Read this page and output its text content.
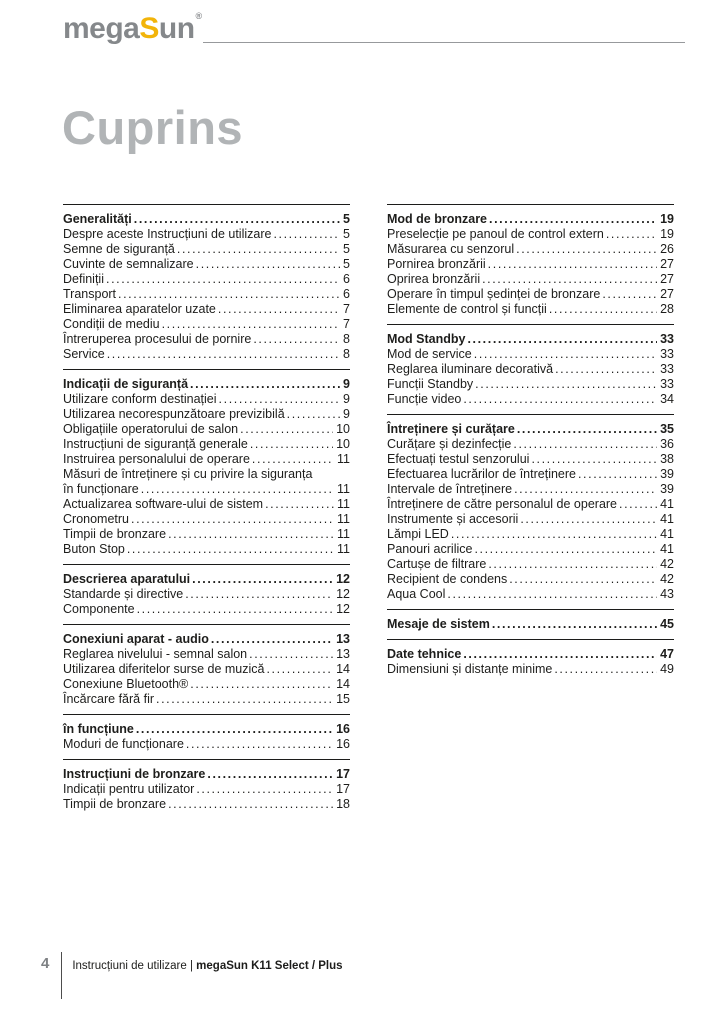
megaSun®
Cuprins
Generalități .....	5
Despre aceste Instrucțiuni de utilizare .....	5
Semne de siguranță .....	5
Cuvinte de semnalizare .....	5
Definiții .....	6
Transport .....	6
Eliminarea aparatelor uzate .....	7
Condiții de mediu .....	7
Întreruperea procesului de pornire .....	8
Service .....	8
Indicații de siguranță .....	9
Utilizare conform destinației .....	9
Utilizarea necorespunzătoare previzibilă .....	9
Obligațiile operatorului de salon .....	10
Instrucțiuni de siguranță generale .....	10
Instruirea personalului de operare .....	11
Măsuri de întreținere și cu privire la siguranța
în funcționare .....	11
Actualizarea software-ului de sistem .....	11
Cronometru .....	11
Timpii de bronzare .....	11
Buton Stop .....	11
Descrierea aparatului .....	12
Standarde și directive .....	12
Componente .....	12
Conexiuni aparat - audio .....	13
Reglarea nivelului - semnal salon .....	13
Utilizarea diferitelor surse de muzică .....	14
Conexiune Bluetooth® .....	14
Încărcare fără fir .....	15
în funcțiune .....	16
Moduri de funcționare .....	16
Instrucțiuni de bronzare .....	17
Indicații pentru utilizator .....	17
Timpii de bronzare .....	18
Mod de bronzare .....	19
Preselecție pe panoul de control extern .....	19
Măsurarea cu senzorul .....	26
Pornirea bronzării .....	27
Oprirea bronzării .....	27
Operare în timpul ședinței de bronzare .....	27
Elemente de control și funcții .....	28
Mod Standby .....	33
Mod de service .....	33
Reglarea iluminare decorativă .....	33
Funcții Standby .....	33
Funcție video .....	34
Întreținere și curățare .....	35
Curățare și dezinfecție .....	36
Efectuați testul senzorului .....	38
Efectuarea lucrărilor de întreținere .....	39
Intervale de întreținere .....	39
Întreținere de către personalul de operare .....	41
Instrumente și accesorii .....	41
Lămpi LED .....	41
Panouri acrilice .....	41
Cartușe de filtrare .....	42
Recipient de condens .....	42
Aqua Cool .....	43
Mesaje de sistem .....	45
Date tehnice .....	47
Dimensiuni și distanțe minime .....	49
4 Instrucțiuni de utilizare | megaSun K11 Select / Plus
